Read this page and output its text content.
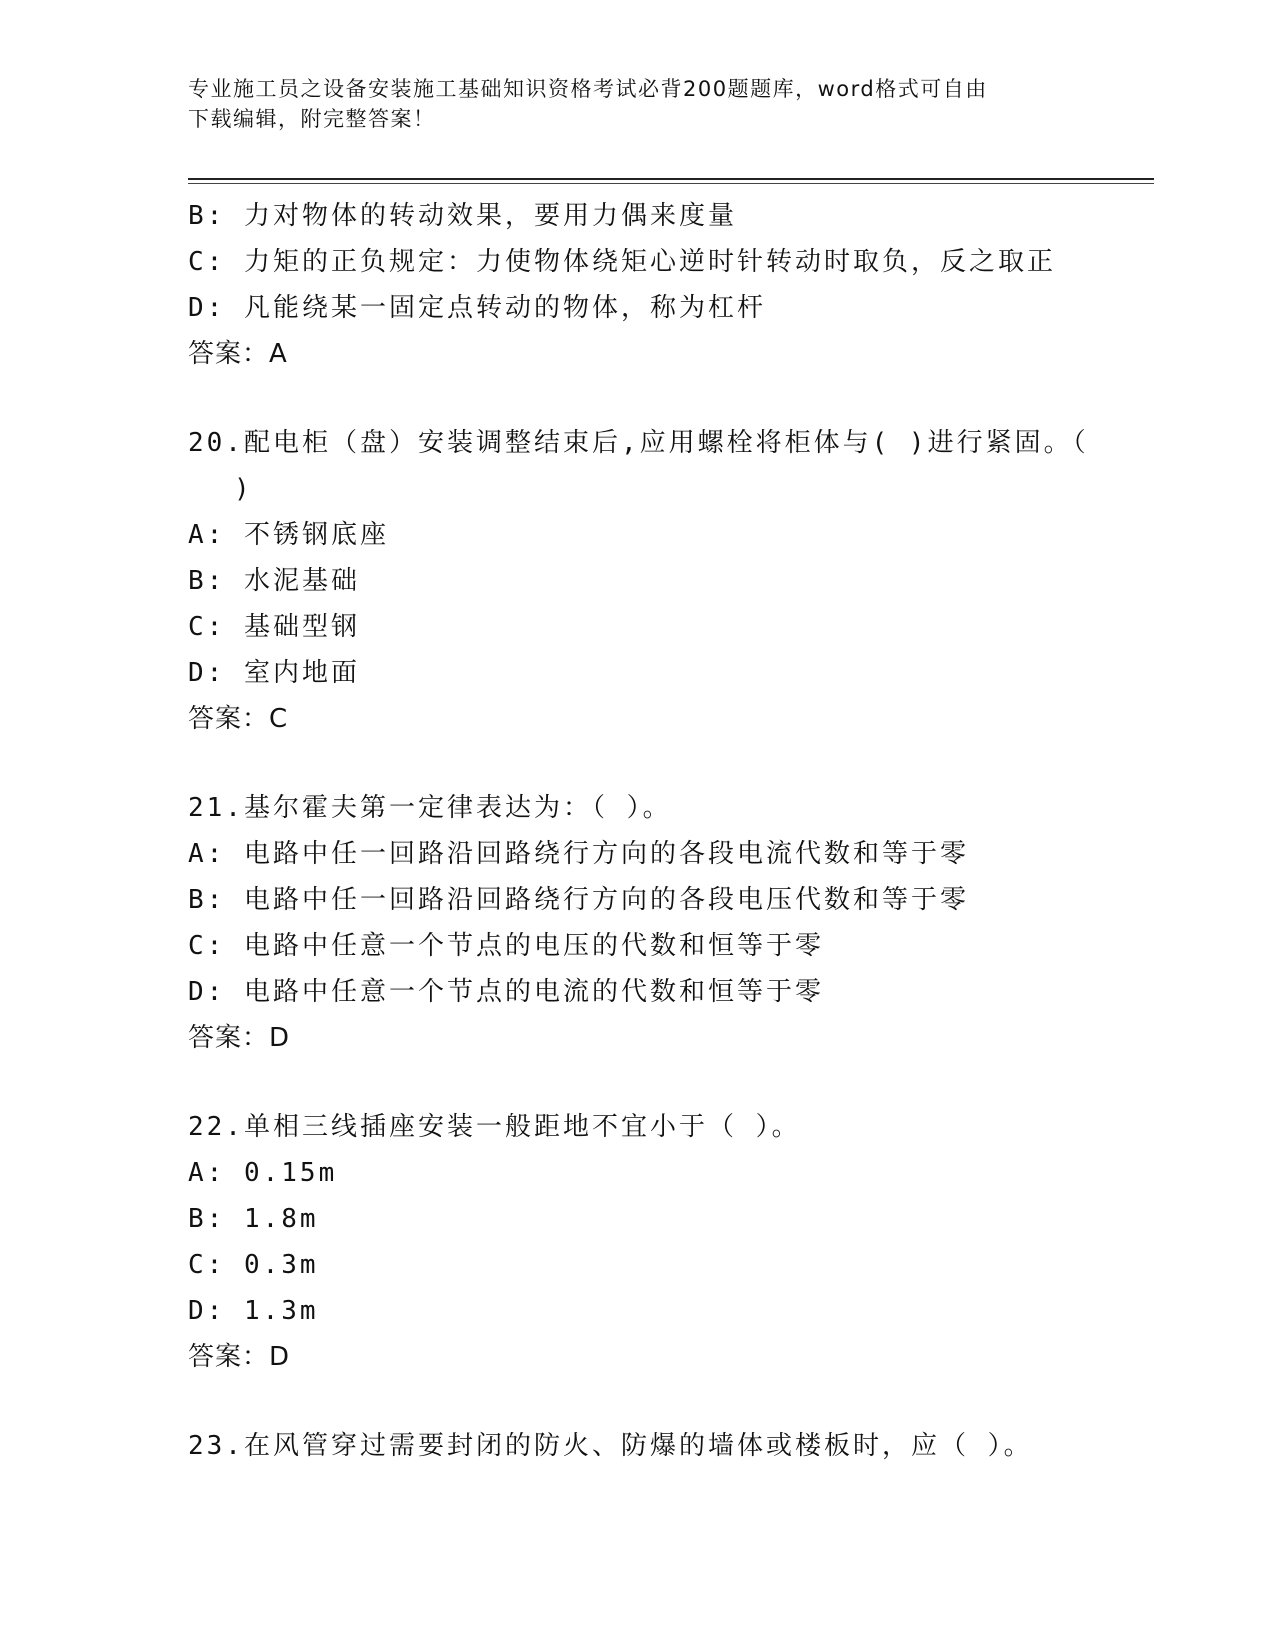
专业施工员之设备安装施工基础知识资格考试必背200题题库，word格式可自由
下载编辑，附完整答案！
B: 力对物体的转动效果，要用力偶来度量
C: 力矩的正负规定：力使物体绕矩心逆时针转动时取负，反之取正
D: 凡能绕某一固定点转动的物体，称为杠杆
答案：A
20.配电柜（盘）安装调整结束后,应用螺栓将柜体与( )进行紧固。（
)
A: 不锈钢底座
B: 水泥基础
C: 基础型钢
D: 室内地面
答案：C
21.基尔霍夫第一定律表达为：（ ）。
A: 电路中任一回路沿回路绕行方向的各段电流代数和等于零
B: 电路中任一回路沿回路绕行方向的各段电压代数和等于零
C: 电路中任意一个节点的电压的代数和恒等于零
D: 电路中任意一个节点的电流的代数和恒等于零
答案：D
22.单相三线插座安装一般距地不宜小于（ ）。
A: 0.15m
B: 1.8m
C: 0.3m
D: 1.3m
答案：D
23.在风管穿过需要封闭的防火、防爆的墙体或楼板时，应（ ）。
